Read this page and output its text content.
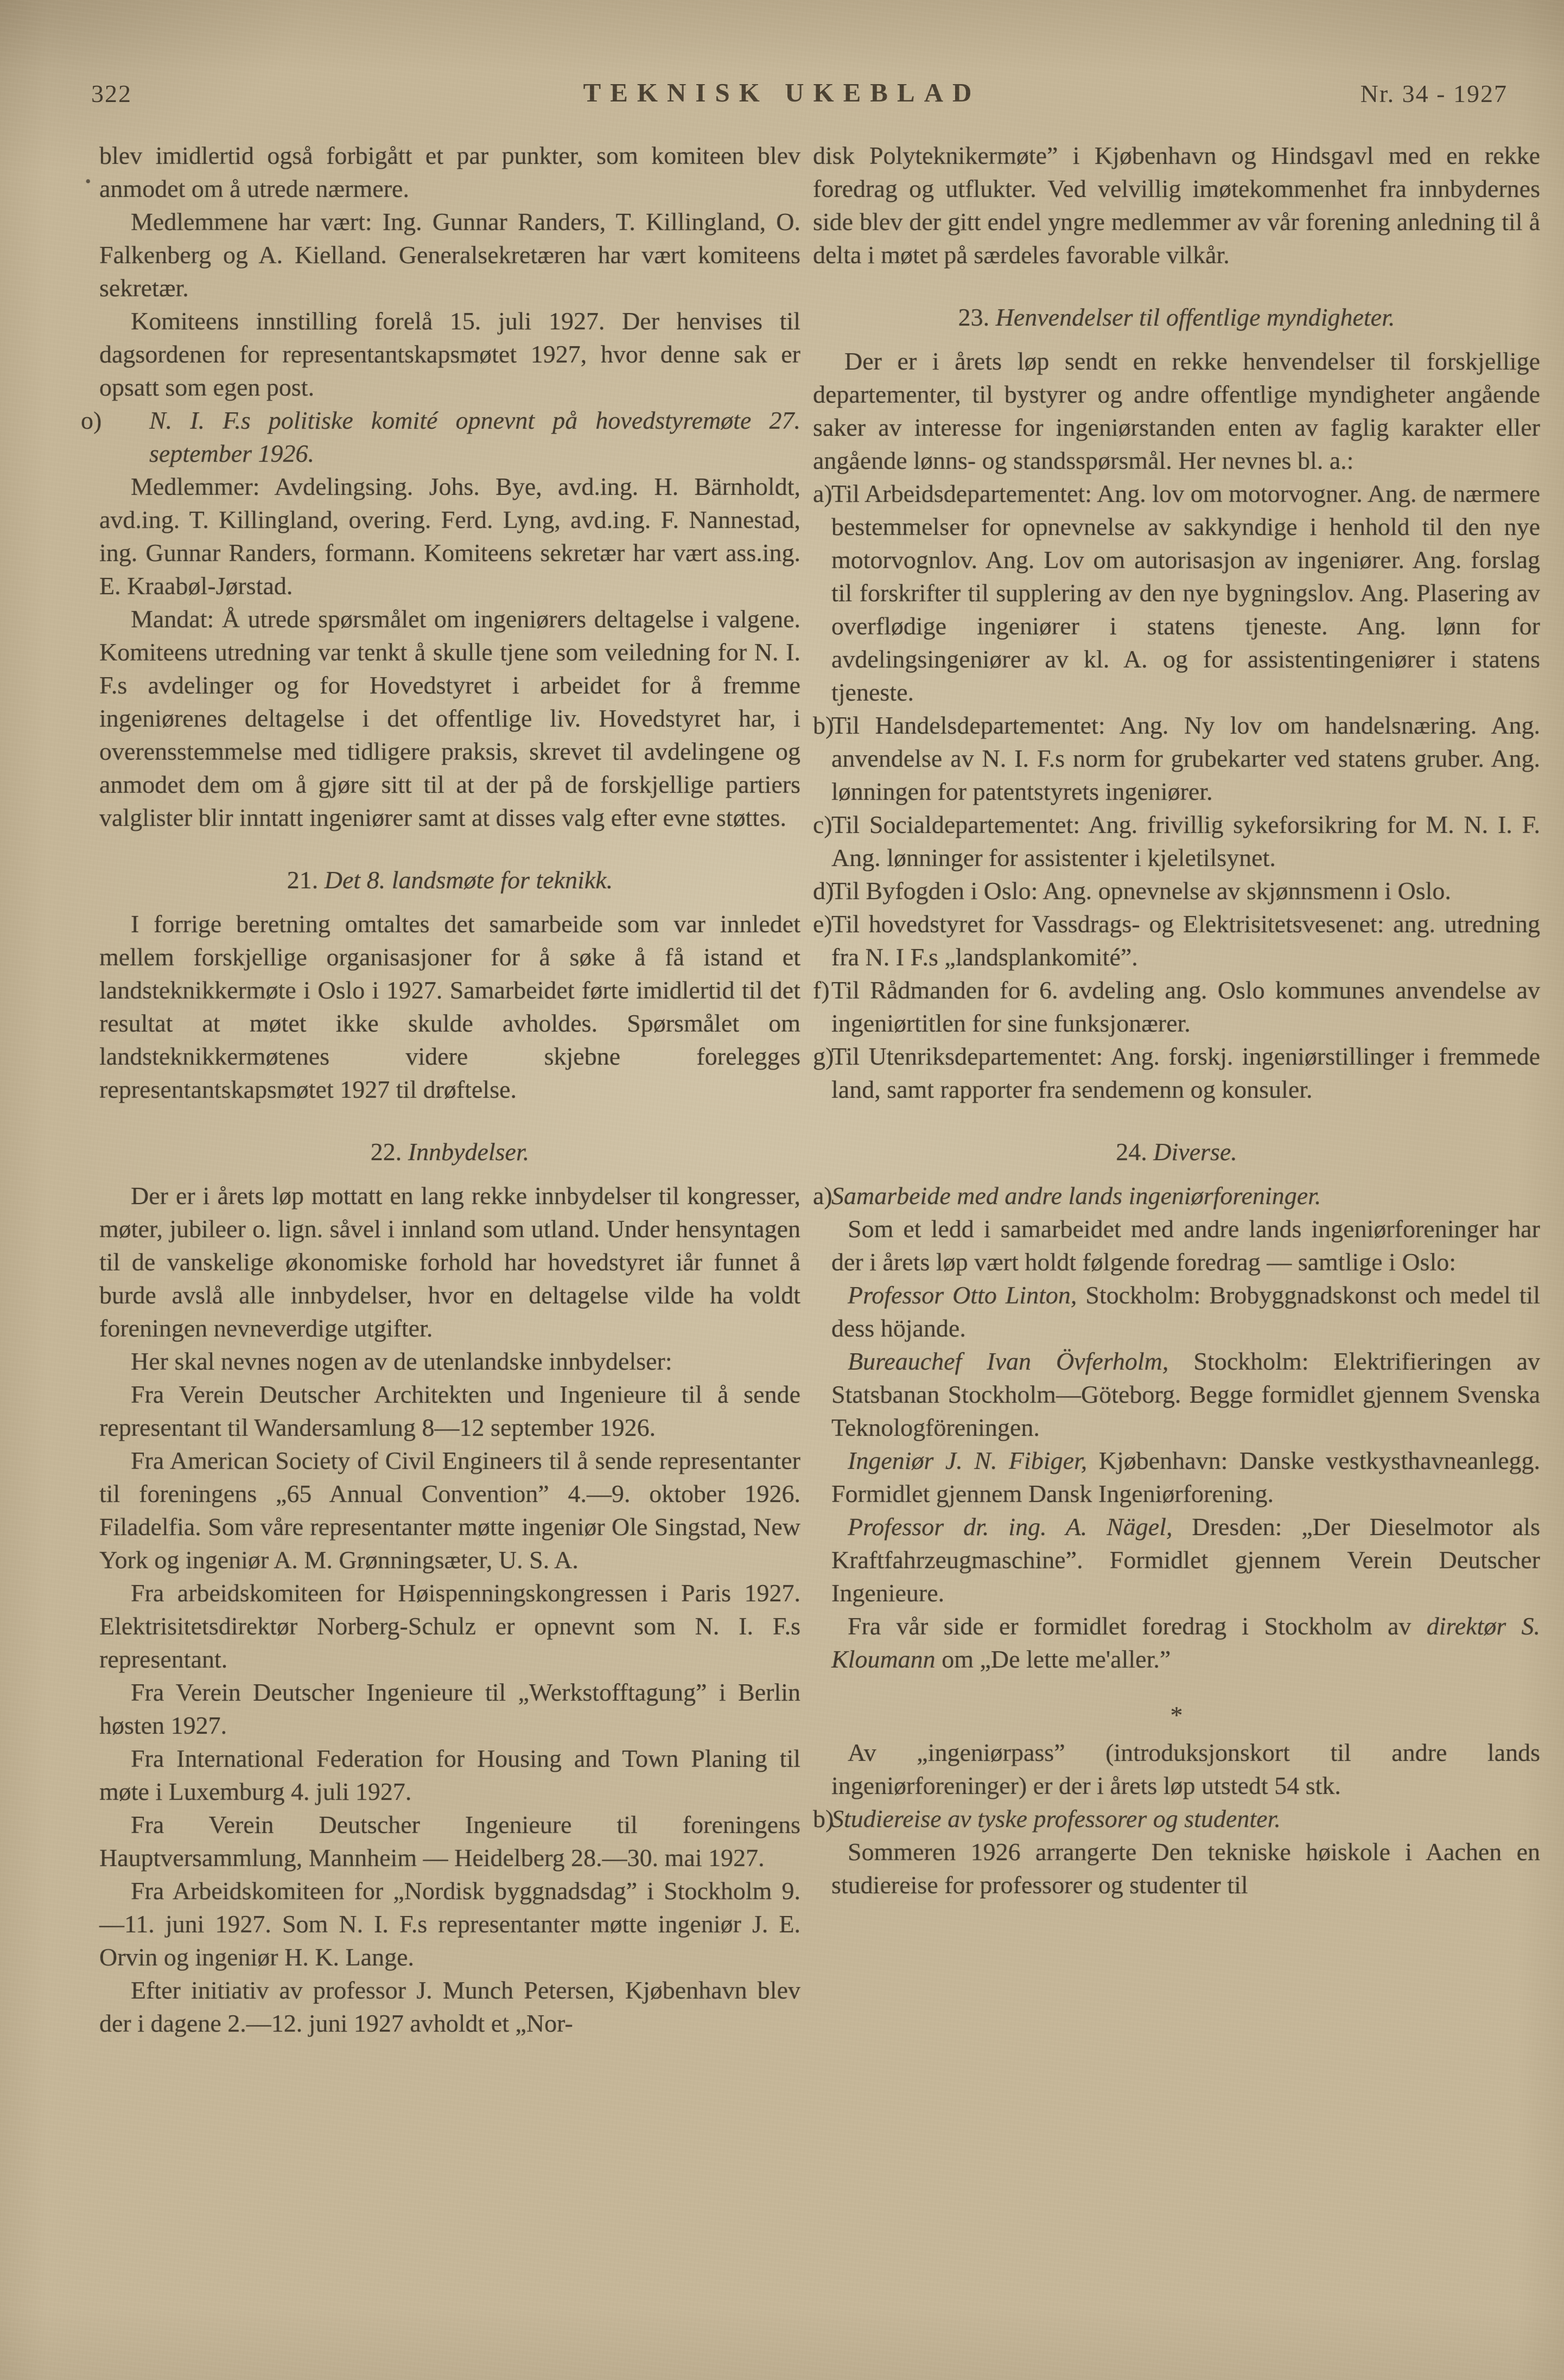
322	TEKNISK UKEBLAD	Nr. 34 - 1927
blev imidlertid også forbigått et par punkter, som komiteen blev anmodet om å utrede nærmere.
Medlemmene har vært: Ing. Gunnar Randers, T. Killingland, O. Falkenberg og A. Kielland. Generalsekretæren har vært komiteens sekretær.
Komiteens innstilling forelå 15. juli 1927. Der henvises til dagsordenen for representantskapsmøtet 1927, hvor denne sak er opsatt som egen post.
o) N. I. F.s politiske komité opnevnt på hovedstyremøte 27. september 1926.
Medlemmer: Avdelingsing. Johs. Bye, avd.ing. H. Bärnholdt, avd.ing. T. Killingland, overing. Ferd. Lyng, avd.ing. F. Nannestad, ing. Gunnar Randers, formann. Komiteens sekretær har vært ass.ing. E. Kraabøl-Jørstad.
Mandat: Å utrede spørsmålet om ingeniørers deltagelse i valgene. Komiteens utredning var tenkt å skulle tjene som veiledning for N. I. F.s avdelinger og for Hovedstyret i arbeidet for å fremme ingeniørenes deltagelse i det offentlige liv. Hovedstyret har, i overensstemmelse med tidligere praksis, skrevet til avdelingene og anmodet dem om å gjøre sitt til at der på de forskjellige partiers valglister blir inntatt ingeniører samt at disses valg efter evne støttes.
21. Det 8. landsmøte for teknikk.
I forrige beretning omtaltes det samarbeide som var innledet mellem forskjellige organisasjoner for å søke å få istand et landsteknikkermøte i Oslo i 1927. Samarbeidet førte imidlertid til det resultat at møtet ikke skulde avholdes. Spørsmålet om landsteknikkermøtenes videre skjebne forelegges representantskapsmøtet 1927 til drøftelse.
22. Innbydelser.
Der er i årets løp mottatt en lang rekke innbydelser til kongresser, møter, jubileer o. lign. såvel i innland som utland. Under hensyntagen til de vanskelige økonomiske forhold har hovedstyret iår funnet å burde avslå alle innbydelser, hvor en deltagelse vilde ha voldt foreningen nevneverdige utgifter.
Her skal nevnes nogen av de utenlandske innbydelser:
Fra Verein Deutscher Architekten und Ingenieure til å sende representant til Wandersamlung 8—12 september 1926.
Fra American Society of Civil Engineers til å sende representanter til foreningens „65 Annual Convention” 4.—9. oktober 1926. Filadelfia. Som våre representanter møtte ingeniør Ole Singstad, New York og ingeniør A. M. Grønningsæter, U. S. A.
Fra arbeidskomiteen for Høispenningskongressen i Paris 1927. Elektrisitetsdirektør Norberg-Schulz er opnevnt som N. I. F.s representant.
Fra Verein Deutscher Ingenieure til „Werkstofftagung” i Berlin høsten 1927.
Fra International Federation for Housing and Town Planing til møte i Luxemburg 4. juli 1927.
Fra Verein Deutscher Ingenieure til foreningens Hauptversammlung, Mannheim — Heidelberg 28.—30. mai 1927.
Fra Arbeidskomiteen for „Nordisk byggnadsdag” i Stockholm 9.—11. juni 1927. Som N. I. F.s representanter møtte ingeniør J. E. Orvin og ingeniør H. K. Lange.
Efter initiativ av professor J. Munch Petersen, Kjøbenhavn blev der i dagene 2.—12. juni 1927 avholdt et „Nor-
disk Polyteknikermøte” i Kjøbenhavn og Hindsgavl med en rekke foredrag og utflukter. Ved velvillig imøtekommenhet fra innbydernes side blev der gitt endel yngre medlemmer av vår forening anledning til å delta i møtet på særdeles favorable vilkår.
23. Henvendelser til offentlige myndigheter.
Der er i årets løp sendt en rekke henvendelser til forskjellige departementer, til bystyrer og andre offentlige myndigheter angående saker av interesse for ingeniørstanden enten av faglig karakter eller angående lønns- og standsspørsmål. Her nevnes bl. a.:
a)
Til Arbeidsdepartementet: Ang. lov om motorvogner. Ang. de nærmere bestemmelser for opnevnelse av sakkyndige i henhold til den nye motorvognlov. Ang. Lov om autorisasjon av ingeniører. Ang. forslag til forskrifter til supplering av den nye bygningslov. Ang. Plasering av overflødige ingeniører i statens tjeneste. Ang. lønn for avdelingsingeniører av kl. A. og for assistentingeniører i statens tjeneste.
b)
Til Handelsdepartementet: Ang. Ny lov om handelsnæring. Ang. anvendelse av N. I. F.s norm for grubekarter ved statens gruber. Ang. lønningen for patentstyrets ingeniører.
c)
Til Socialdepartementet: Ang. frivillig sykeforsikring for M. N. I. F. Ang. lønninger for assistenter i kjeletilsynet.
d)
Til Byfogden i Oslo: Ang. opnevnelse av skjønnsmenn i Oslo.
e)
Til hovedstyret for Vassdrags- og Elektrisitetsvesenet: ang. utredning fra N. I F.s „landsplankomité”.
f) Til Rådmanden for 6. avdeling ang. Oslo kommunes anvendelse av ingeniørtitlen for sine funksjonærer.
g)
Til Utenriksdepartementet: Ang. forskj. ingeniørstillinger i fremmede land, samt rapporter fra sendemenn og konsuler.
24. Diverse.
a)
Samarbeide med andre lands ingeniørforeninger.
Som et ledd i samarbeidet med andre lands ingeniørforeninger har der i årets løp vært holdt følgende foredrag — samtlige i Oslo:
Professor Otto Linton, Stockholm: Brobyggnadskonst och medel til dess höjande.
Bureauchef Ivan Övferholm, Stockholm: Elektrifieringen av Statsbanan Stockholm—Göteborg. Begge formidlet gjennem Svenska Teknologföreningen.
Ingeniør J. N. Fibiger, Kjøbenhavn: Danske vestkysthavneanlegg. Formidlet gjennem Dansk Ingeniørforening.
Professor dr. ing. A. Nägel, Dresden: „Der Dieselmotor als Kraftfahrzeugmaschine”. Formidlet gjennem Verein Deutscher Ingenieure.
Fra vår side er formidlet foredrag i Stockholm av direktør S. Kloumann om „De lette me'aller.”
*
Av „ingeniørpass” (introduksjonskort til andre lands ingeniørforeninger) er der i årets løp utstedt 54 stk.
b)
Studiereise av tyske professorer og studenter.
Sommeren 1926 arrangerte Den tekniske høiskole i Aachen en studiereise for professorer og studenter til
